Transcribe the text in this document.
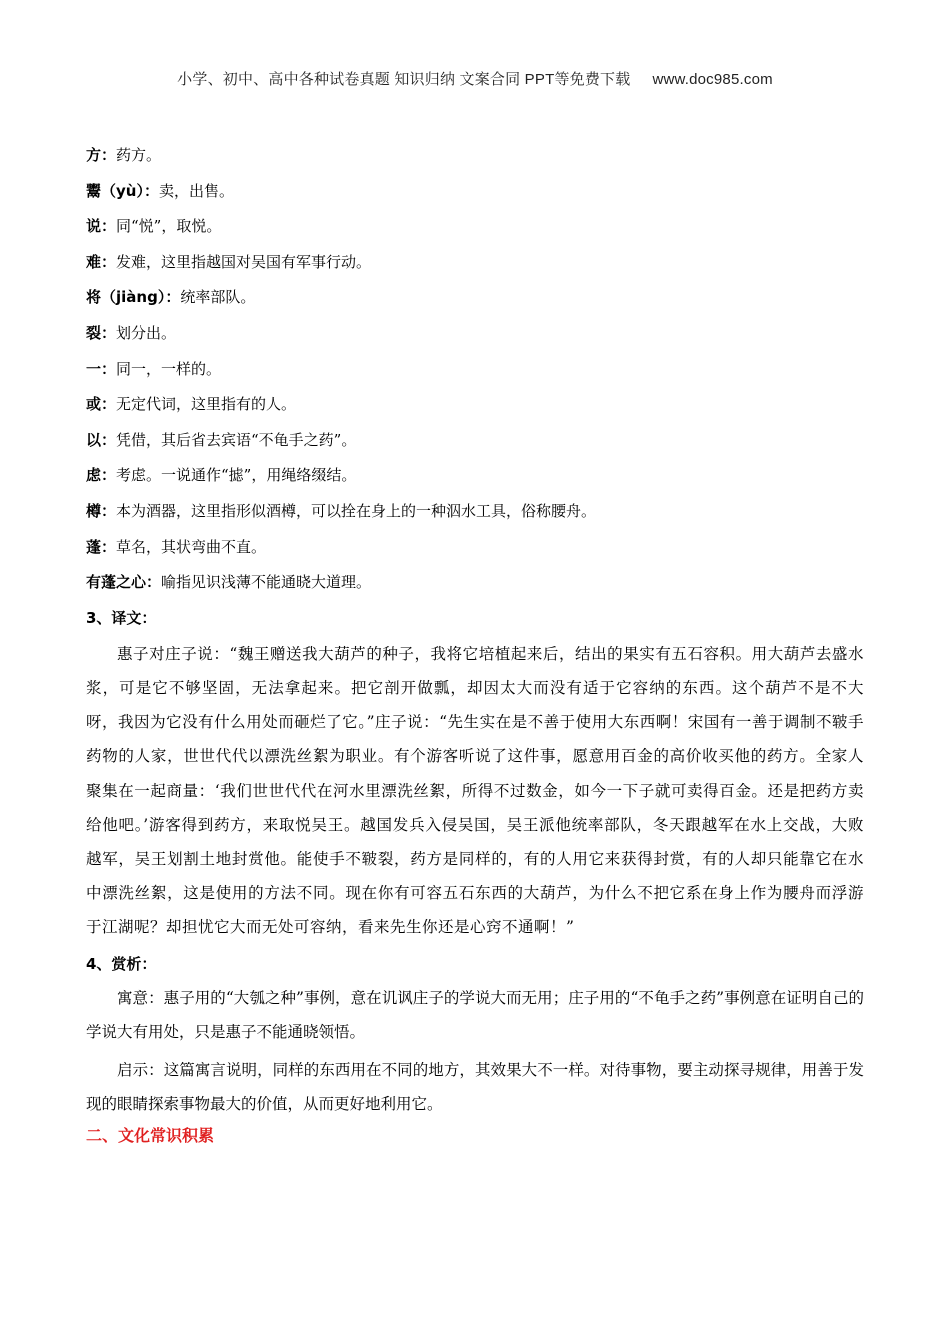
小学、初中、高中各种试卷真题 知识归纳 文案合同 PPT等免费下载 www.doc985.com
方：药方。
鬻（yù）：卖，出售。
说：同“悦”，取悦。
难：发难，这里指越国对吴国有军事行动。
将（jiàng）：统率部队。
裂：划分出。
一：同一，一样的。
或：无定代词，这里指有的人。
以：凭借，其后省去宾语“不龟手之药”。
虑：考虑。一说通作“摅”，用绳络缀结。
樽：本为酒器，这里指形似酒樽，可以拴在身上的一种泅水工具，俗称腰舟。
蓬：草名，其状弯曲不直。
有蓬之心：喻指见识浅薄不能通晓大道理。
3、译文：

惠子对庄子说：“魏王赠送我大葫芦的种子，我将它培植起来后，结出的果实有五石容积。用大葫芦去盛水浆，可是它不够坚固，无法拿起来。把它剖开做瓢，却因太大而没有适于它容纳的东西。这个葫芦不是不大呀，我因为它没有什么用处而砸烂了它。”庄子说：“先生实在是不善于使用大东西啊！宋国有一善于调制不皲手药物的人家，世世代代以漂洗丝絮为职业。有个游客听说了这件事，愿意用百金的高价收买他的药方。全家人聚集在一起商量：‘我们世世代代在河水里漂洗丝絮，所得不过数金，如今一下子就可卖得百金。还是把药方卖给他吧。’游客得到药方，来取悦吴王。越国发兵入侵吴国，吴王派他统率部队，冬天跟越军在水上交战，大败越军，吴王划割土地封赏他。能使手不皲裂，药方是同样的，有的人用它来获得封赏，有的人却只能靠它在水中漂洗丝絮，这是使用的方法不同。现在你有可容五石东西的大葫芦，为什么不把它系在身上作为腰舟而浮游于江湖呢？却担忧它大而无处可容纳，看来先生你还是心窍不通啊！”

4、赏析：

寓意：惠子用的“大瓠之种”事例，意在讥讽庄子的学说大而无用；庄子用的“不龟手之药”事例意在证明自己的学说大有用处，只是惠子不能通晓领悟。

启示：这篇寓言说明，同样的东西用在不同的地方，其效果大不一样。对待事物，要主动探寻规律，用善于发现的眼睛探索事物最大的价值，从而更好地利用它。

二、文化常识积累
